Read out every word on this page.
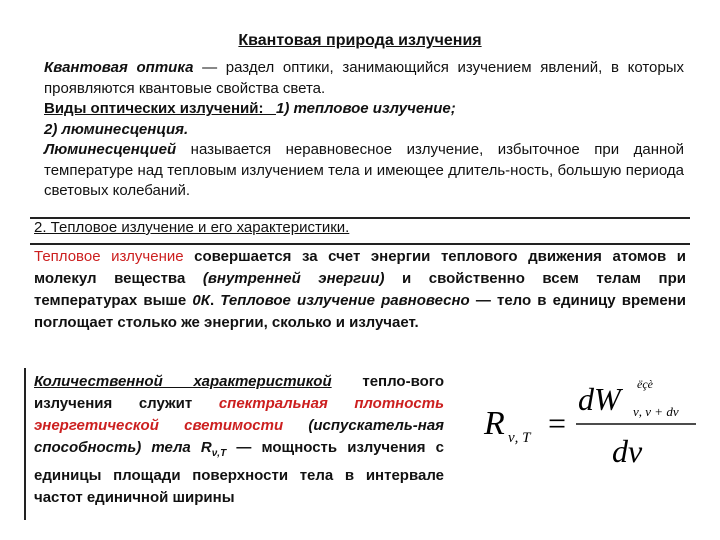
Квантовая природа излучения

Квантовая оптика — раздел оптики, занимающийся изучением явлений, в которых проявляются квантовые свойства света.

Виды оптических излучений: 1) тепловое излучение;

2) люминесценция.

Люминесценцией называется неравновесное излучение, избыточное при данной температуре над тепловым излучением тела и имеющее длитель-ность, большую периода световых колебаний.

2. Тепловое излучение и его характеристики.

Тепловое излучение совершается за счет энергии теплового движения атомов и молекул вещества (внутренней энергии) и свойственно всем телам при температурах выше 0К. Тепловое излучение равновесно — тело в единицу времени поглощает столько же энергии, сколько и излучает.

Количественной характеристикой тепло-вого излучения служит спектральная плотность энергетической светимости (испускатель-ная способность) тела $R_{\nu,T}$ — мощность излучения с единицы площади поверхности тела в интервале частот единичной ширины

R ν, T =
dW ёçè
ν, ν + dν
dν
